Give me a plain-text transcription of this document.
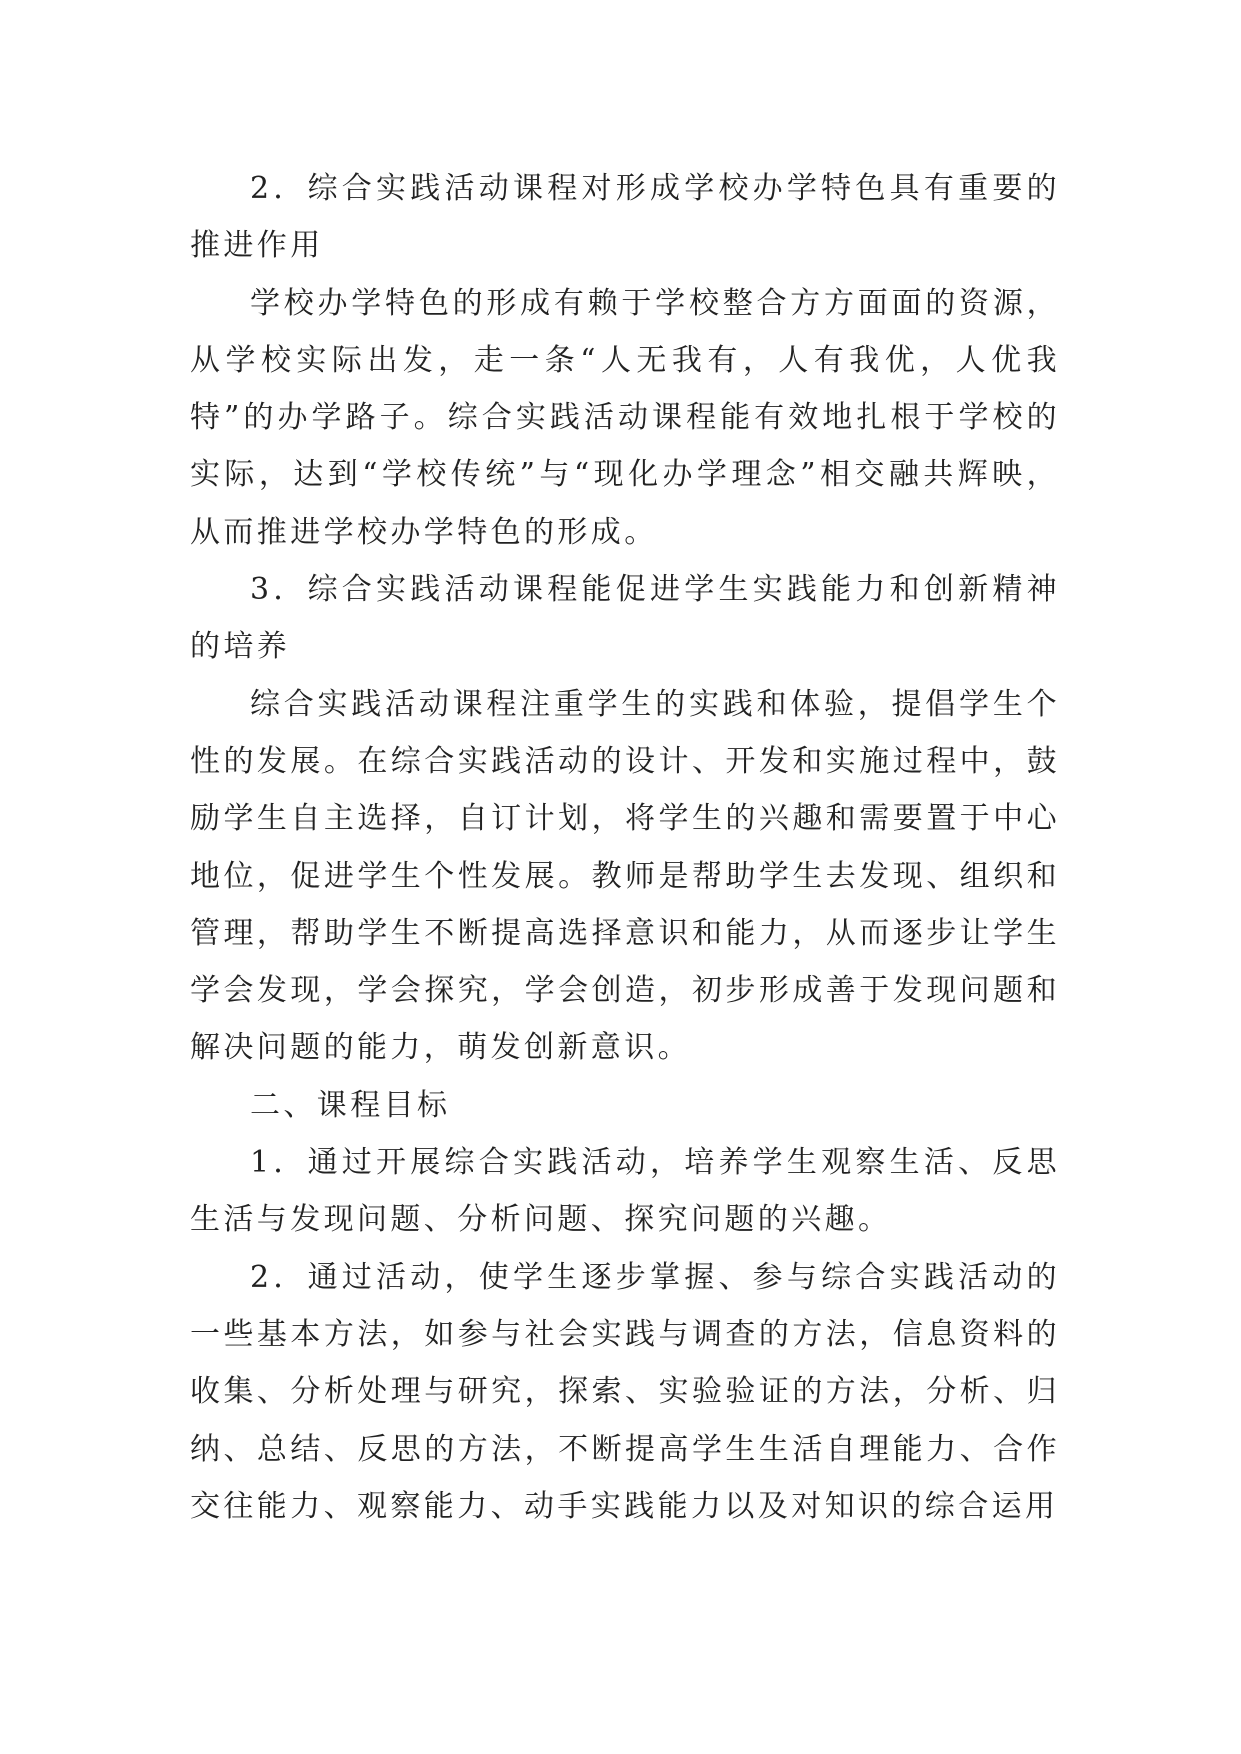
2．综合实践活动课程对形成学校办学特色具有重要的推进作用

学校办学特色的形成有赖于学校整合方方面面的资源，从学校实际出发，走一条“人无我有，人有我优，人优我特”的办学路子。综合实践活动课程能有效地扎根于学校的实际，达到“学校传统”与“现化办学理念”相交融共辉映，从而推进学校办学特色的形成。

3．综合实践活动课程能促进学生实践能力和创新精神的培养

综合实践活动课程注重学生的实践和体验，提倡学生个性的发展。在综合实践活动的设计、开发和实施过程中，鼓励学生自主选择，自订计划，将学生的兴趣和需要置于中心地位，促进学生个性发展。教师是帮助学生去发现、组织和管理，帮助学生不断提高选择意识和能力，从而逐步让学生学会发现，学会探究，学会创造，初步形成善于发现问题和解决问题的能力，萌发创新意识。

二、课程目标

1．通过开展综合实践活动，培养学生观察生活、反思生活与发现问题、分析问题、探究问题的兴趣。

2．通过活动，使学生逐步掌握、参与综合实践活动的一些基本方法，如参与社会实践与调查的方法，信息资料的收集、分析处理与研究，探索、实验验证的方法，分析、归纳、总结、反思的方法，不断提高学生生活自理能力、合作交往能力、观察能力、动手实践能力以及对知识的综合运用
